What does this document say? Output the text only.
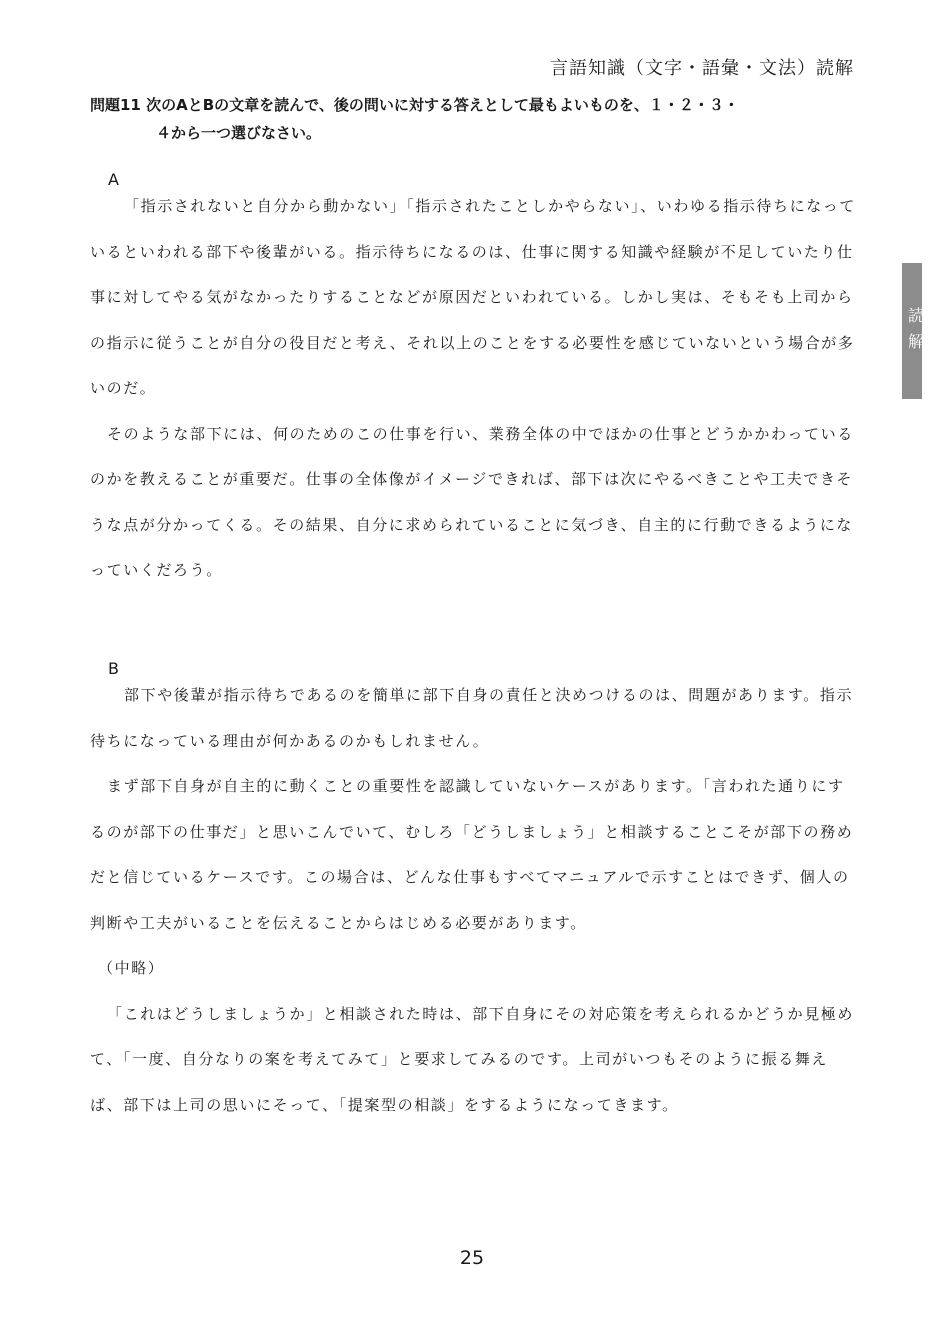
言語知識（文字・語彙・文法）読解
問題11 次のAとBの文章を読んで、後の問いに対する答えとして最もよいものを、１・２・３・
４から一つ選びなさい。
A

「指示されないと自分から動かない」「指示されたことしかやらない」、いわゆる指示待ちになっているといわれる部下や後輩がいる。指示待ちになるのは、仕事に関する知識や経験が不足していたり仕事に対してやる気がなかったりすることなどが原因だといわれている。しかし実は、そもそも上司からの指示に従うことが自分の役目だと考え、それ以上のことをする必要性を感じていないという場合が多いのだ。

そのような部下には、何のためのこの仕事を行い、業務全体の中でほかの仕事とどうかかわっているのかを教えることが重要だ。仕事の全体像がイメージできれば、部下は次にやるべきことや工夫できそうな点が分かってくる。その結果、自分に求められていることに気づき、自主的に行動できるようになっていくだろう。

B

部下や後輩が指示待ちであるのを簡単に部下自身の責任と決めつけるのは、問題があります。指示待ちになっている理由が何かあるのかもしれません。

まず部下自身が自主的に動くことの重要性を認識していないケースがあります。「言われた通りにするのが部下の仕事だ」と思いこんでいて、むしろ「どうしましょう」と相談することこそが部下の務めだと信じているケースです。この場合は、どんな仕事もすべてマニュアルで示すことはできず、個人の判断や工夫がいることを伝えることからはじめる必要があります。

（中略）

「これはどうしましょうか」と相談された時は、部下自身にその対応策を考えられるかどうか見極めて、「一度、自分なりの案を考えてみて」と要求してみるのです。上司がいつもそのように振る舞えば、部下は上司の思いにそって、「提案型の相談」をするようになってきます。

読解
25
